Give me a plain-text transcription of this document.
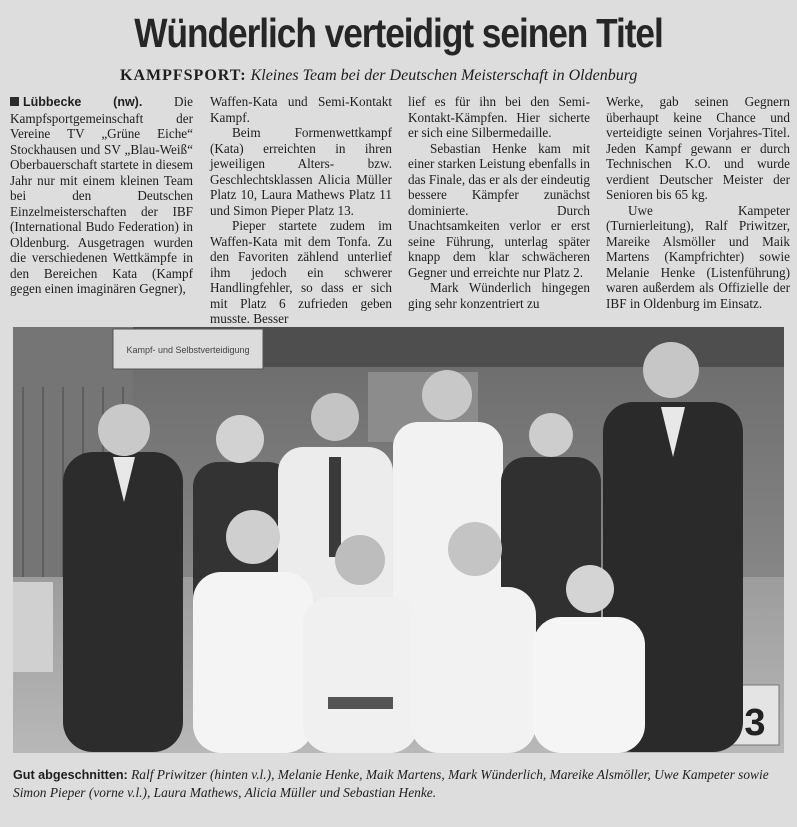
Wünderlich verteidigt seinen Titel
KAMPFSPORT: Kleines Team bei der Deutschen Meisterschaft in Oldenburg

Lübbecke (nw). Die Kampfsportgemeinschaft der Vereine TV „Grüne Eiche“ Stockhausen und SV „Blau-Weiß“ Oberbauerschaft startete in diesem Jahr nur mit einem kleinen Team bei den Deutschen Einzelmeisterschaften der IBF (International Budo Federation) in Oldenburg. Ausgetragen wurden die verschiedenen Wettkämpfe in den Bereichen Kata (Kampf gegen einen imaginären Gegner),

Waffen-Kata und Semi-Kontakt Kampf.

Beim Formenwettkampf (Kata) erreichten in ihren jeweiligen Alters- bzw. Geschlechtsklassen Alicia Müller Platz 10, Laura Mathews Platz 11 und Simon Pieper Platz 13.

Pieper startete zudem im Waffen-Kata mit dem Tonfa. Zu den Favoriten zählend unterlief ihm jedoch ein schwerer Handlingfehler, so dass er sich mit Platz 6 zufrieden geben musste. Besser

lief es für ihn bei den Semi-Kontakt-Kämpfen. Hier sicherte er sich eine Silbermedaille.

Sebastian Henke kam mit einer starken Leistung ebenfalls in das Finale, das er als der eindeutig bessere Kämpfer zunächst dominierte. Durch Unachtsamkeiten verlor er erst seine Führung, unterlag später knapp dem klar schwächeren Gegner und erreichte nur Platz 2.

Mark Wünderlich hingegen ging sehr konzentriert zu

Werke, gab seinen Gegnern überhaupt keine Chance und verteidigte seinen Vorjahres-Titel. Jeden Kampf gewann er durch Technischen K.O. und wurde verdient Deutscher Meister der Senioren bis 65 kg.

Uwe Kampeter (Turnierleitung), Ralf Priwitzer, Mareike Alsmöller und Maik Martens (Kampfrichter) sowie Melanie Henke (Listenführung) waren außerdem als Offizielle der IBF in Oldenburg im Einsatz.

Kampf- und Selbstverteidigung
3
Gut abgeschnitten: Ralf Priwitzer (hinten v.l.), Melanie Henke, Maik Martens, Mark Wünderlich, Mareike Alsmöller, Uwe Kampeter sowie Simon Pieper (vorne v.l.), Laura Mathews, Alicia Müller und Sebastian Henke.
